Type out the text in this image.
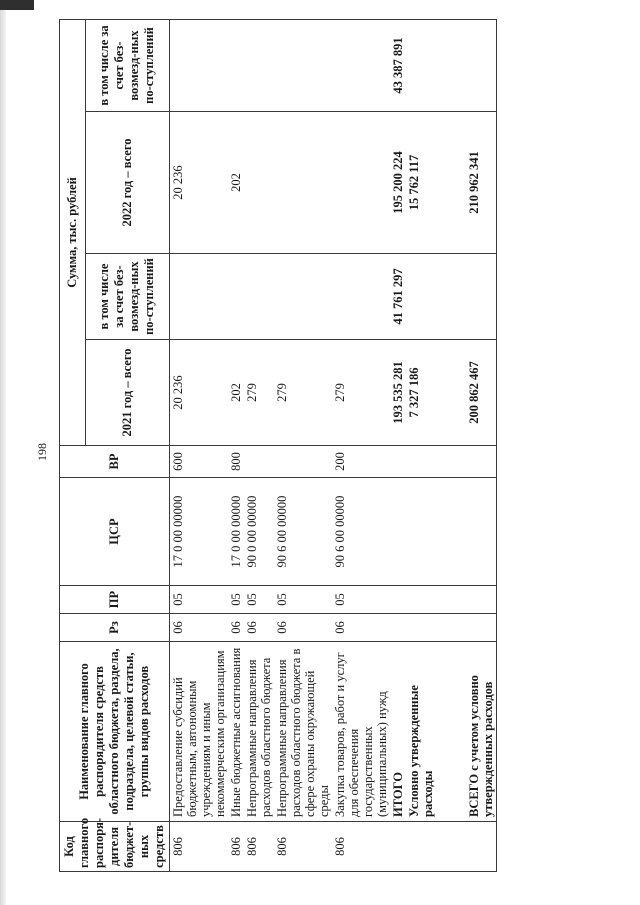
198
Код главного распоря-дителя бюджет-ных средств	Наименование главного распорядителя средств областного бюджета, раздела, подраздела, целевой статьи, группы видов расходов	Рз	ПР	ЦСР	ВР	Сумма, тыс. рублей			
						2021 год – всего	в том числе за счет без-возмезд-ных по-ступлений	2022 год – всего	в том числе за счет без-возмезд-ных по-ступлений
806	Предоставление субсидий бюджетным, автономным учреждениям и иным некоммерческим организациям	06	05	17 0 00 00000	600	20 236		20 236	
806	Иные бюджетные ассигнования	06	05	17 0 00 00000	800	202		202	
806	Непрограммные направления расходов областного бюджета	06	05	90 0 00 00000		279			
806	Непрограммные направления расходов областного бюджета в сфере охраны окружающей среды	06	05	90 6 00 00000		279			
806	Закупка товаров, работ и услуг для обеспечения государственных (муниципальных) нужд	06	05	90 6 00 00000	200	279			
	ИТОГО					193 535 281	41 761 297	195 200 224	43 387 891
	Условно утвержденные расходы					7 327 186		15 762 117	

	ВСЕГО с учетом условно утвержденных расходов					200 862 467		210 962 341	
